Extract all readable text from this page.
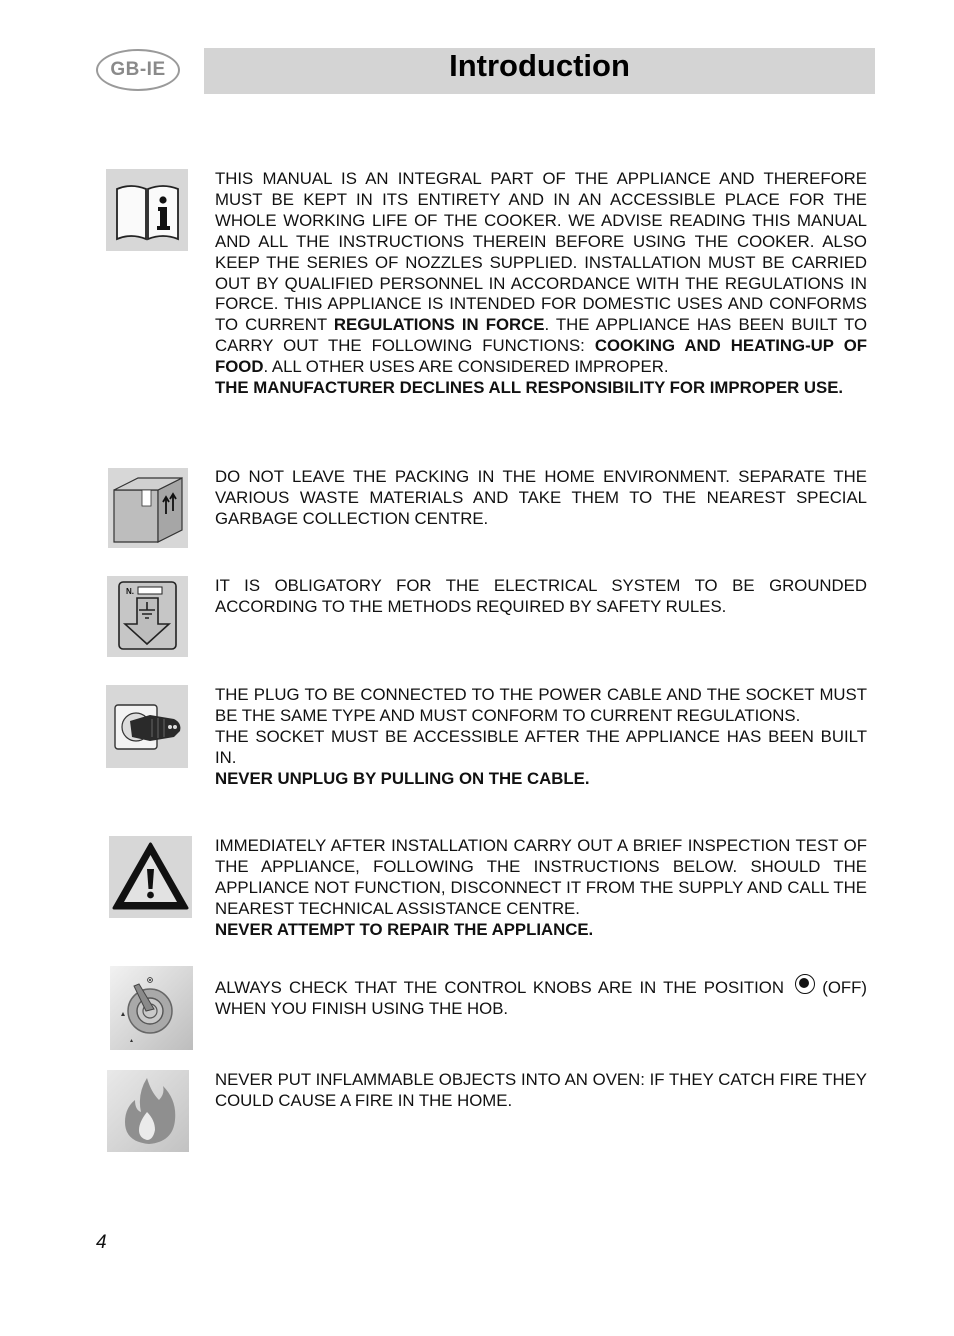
GB-IE	Introduction

THIS MANUAL IS AN INTEGRAL PART OF THE APPLIANCE AND THEREFORE MUST BE KEPT IN ITS ENTIRETY AND IN AN ACCESSIBLE PLACE FOR THE WHOLE WORKING LIFE OF THE COOKER. WE ADVISE READING THIS MANUAL AND ALL THE INSTRUCTIONS THEREIN BEFORE USING THE COOKER. ALSO KEEP THE SERIES OF NOZZLES SUPPLIED. INSTALLATION MUST BE CARRIED OUT BY QUALIFIED PERSONNEL IN ACCORDANCE WITH THE REGULATIONS IN FORCE. THIS APPLIANCE IS INTENDED FOR DOMESTIC USES AND CONFORMS TO CURRENT REGULATIONS IN FORCE. THE APPLIANCE HAS BEEN BUILT TO CARRY OUT THE FOLLOWING FUNCTIONS: COOKING AND HEATING-UP OF FOOD. ALL OTHER USES ARE CONSIDERED IMPROPER.

THE MANUFACTURER DECLINES ALL RESPONSIBILITY FOR IMPROPER USE.

DO NOT LEAVE THE PACKING IN THE HOME ENVIRONMENT. SEPARATE THE VARIOUS WASTE MATERIALS AND TAKE THEM TO THE NEAREST SPECIAL GARBAGE COLLECTION CENTRE.
N.	IT IS OBLIGATORY FOR THE ELECTRICAL SYSTEM TO BE GROUNDED ACCORDING TO THE METHODS REQUIRED BY SAFETY RULES.

THE PLUG TO BE CONNECTED TO THE POWER CABLE AND THE SOCKET MUST BE THE SAME TYPE AND MUST CONFORM TO CURRENT REGULATIONS.

THE SOCKET MUST BE ACCESSIBLE AFTER THE APPLIANCE HAS BEEN BUILT IN.

NEVER UNPLUG BY PULLING ON THE CABLE.

IMMEDIATELY AFTER INSTALLATION CARRY OUT A BRIEF INSPECTION TEST OF THE APPLIANCE, FOLLOWING THE INSTRUCTIONS BELOW. SHOULD THE APPLIANCE NOT FUNCTION, DISCONNECT IT FROM THE SUPPLY AND CALL THE NEAREST TECHNICAL ASSISTANCE CENTRE.

NEVER ATTEMPT TO REPAIR THE APPLIANCE.

ALWAYS CHECK THAT THE CONTROL KNOBS ARE IN THE POSITION (OFF) WHEN YOU FINISH USING THE HOB.

NEVER PUT INFLAMMABLE OBJECTS INTO AN OVEN: IF THEY CATCH FIRE THEY COULD CAUSE A FIRE IN THE HOME.
4
